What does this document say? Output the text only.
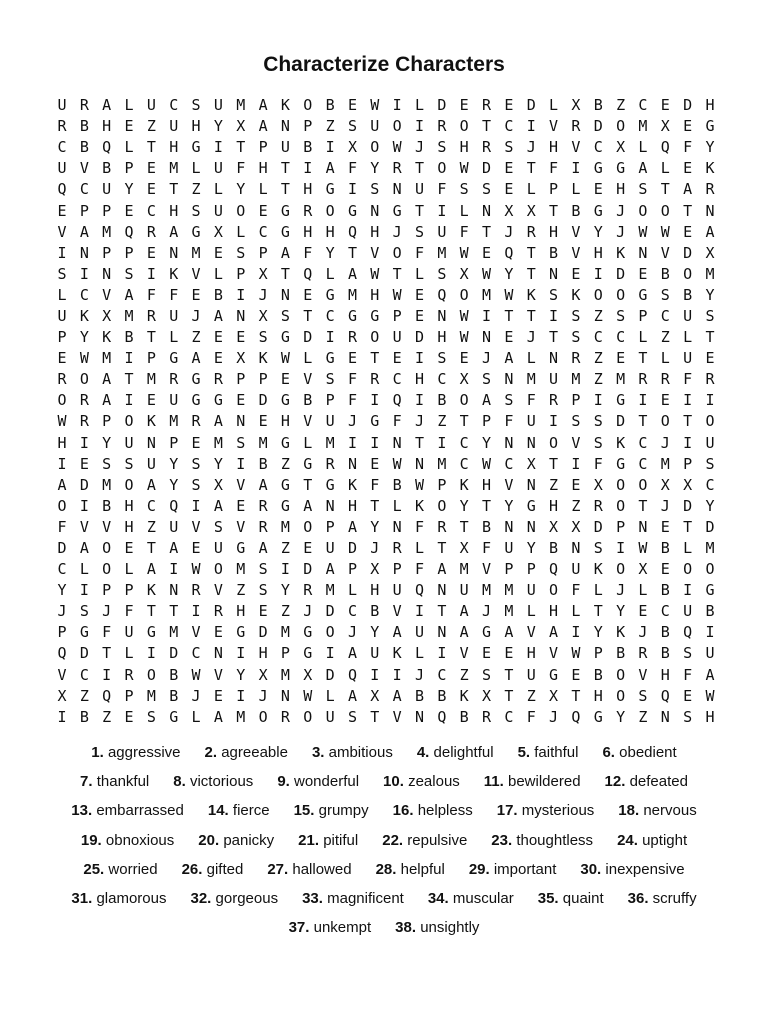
Characterize Characters
U R A L U C S U M A K O B E W I L D E R E D L X B Z C E D H
R B H E Z U H Y X A N P Z S U O I R O T C I V R D O M X E G
C B Q L T H G I T P U B I X O W J S H R S J H V C X L Q F Y
U V B P E M L U F H T I A F Y R T O W D E T F I G G A L E K
Q C U Y E T Z L Y L T H G I S N U F S S E L P L E H S T A R
E P P E C H S U O E G R O G N G T I L N X X T B G J O O T N
V A M Q R A G X L C G H H Q H J S U F T J R H V Y J W W E A
I N P P E N M E S P A F Y T V O F M W E Q T B V H K N V D X
S I N S I K V L P X T Q L A W T L S X W Y T N E I D E B O M
L C V A F F E B I J N E G M H W E Q O M W K S K O O G S B Y
U K X M R U J A N X S T C G G P E N W I T T I S Z S P C U S
P Y K B T L Z E E S G D I R O U D H W N E J T S C C L Z L T
E W M I P G A E X K W L G E T E I S E J A L N R Z E T L U E
R O A T M R G R P P E V S F R C H C X S N M U M Z M R R F R
O R A I E U G G E D G B P F I Q I B O A S F R P I G I E I I
W R P O K M R A N E H V U J G F J Z T P F U I S S D T O T O
H I Y U N P E M S M G L M I I N T I C Y N N O V S K C J I U
I E S S U Y S Y I B Z G R N E W N M C W C X T I F G C M P S
A D M O A Y S X V A G T G K F B W P K H V N Z E X O O X X C
O I B H C Q I A E R G A N H T L K O Y T Y G H Z R O T J D Y
F V V H Z U V S V R M O P A Y N F R T B N N X X D P N E T D
D A O E T A E U G A Z E U D J R L T X F U Y B N S I W B L M
C L O L A I W O M S I D A P X P F A M V P P Q U K O X E O O
Y I P P K N R V Z S Y R M L H U Q N U M M U O F L J L B I G
J S J F T T I R H E Z J D C B V I T A J M L H L T Y E C U B
P G F U G M V E G D M G O J Y A U N A G A V A I Y K J B Q I
Q D T L I D C N I H P G I A U K L I V E E H V W P B R B S U
V C I R O B W V Y X M X D Q I I J C Z S T U G E B O V H F A
X Z Q P M B J E I J N W L A X A B B K X T Z X T H O S Q E W
I B Z E S G L A M O R O U S T V N Q B R C F J Q G Y Z N S H
1. aggressive 2. agreeable 3. ambitious 4. delightful 5. faithful 6. obedient
7. thankful 8. victorious 9. wonderful 10. zealous 11. bewildered 12. defeated
13. embarrassed 14. fierce 15. grumpy 16. helpless 17. mysterious 18. nervous
19. obnoxious 20. panicky 21. pitiful 22. repulsive 23. thoughtless 24. uptight
25. worried 26. gifted 27. hallowed 28. helpful 29. important 30. inexpensive
31. glamorous 32. gorgeous 33. magnificent 34. muscular 35. quaint 36. scruffy
37. unkempt 38. unsightly
